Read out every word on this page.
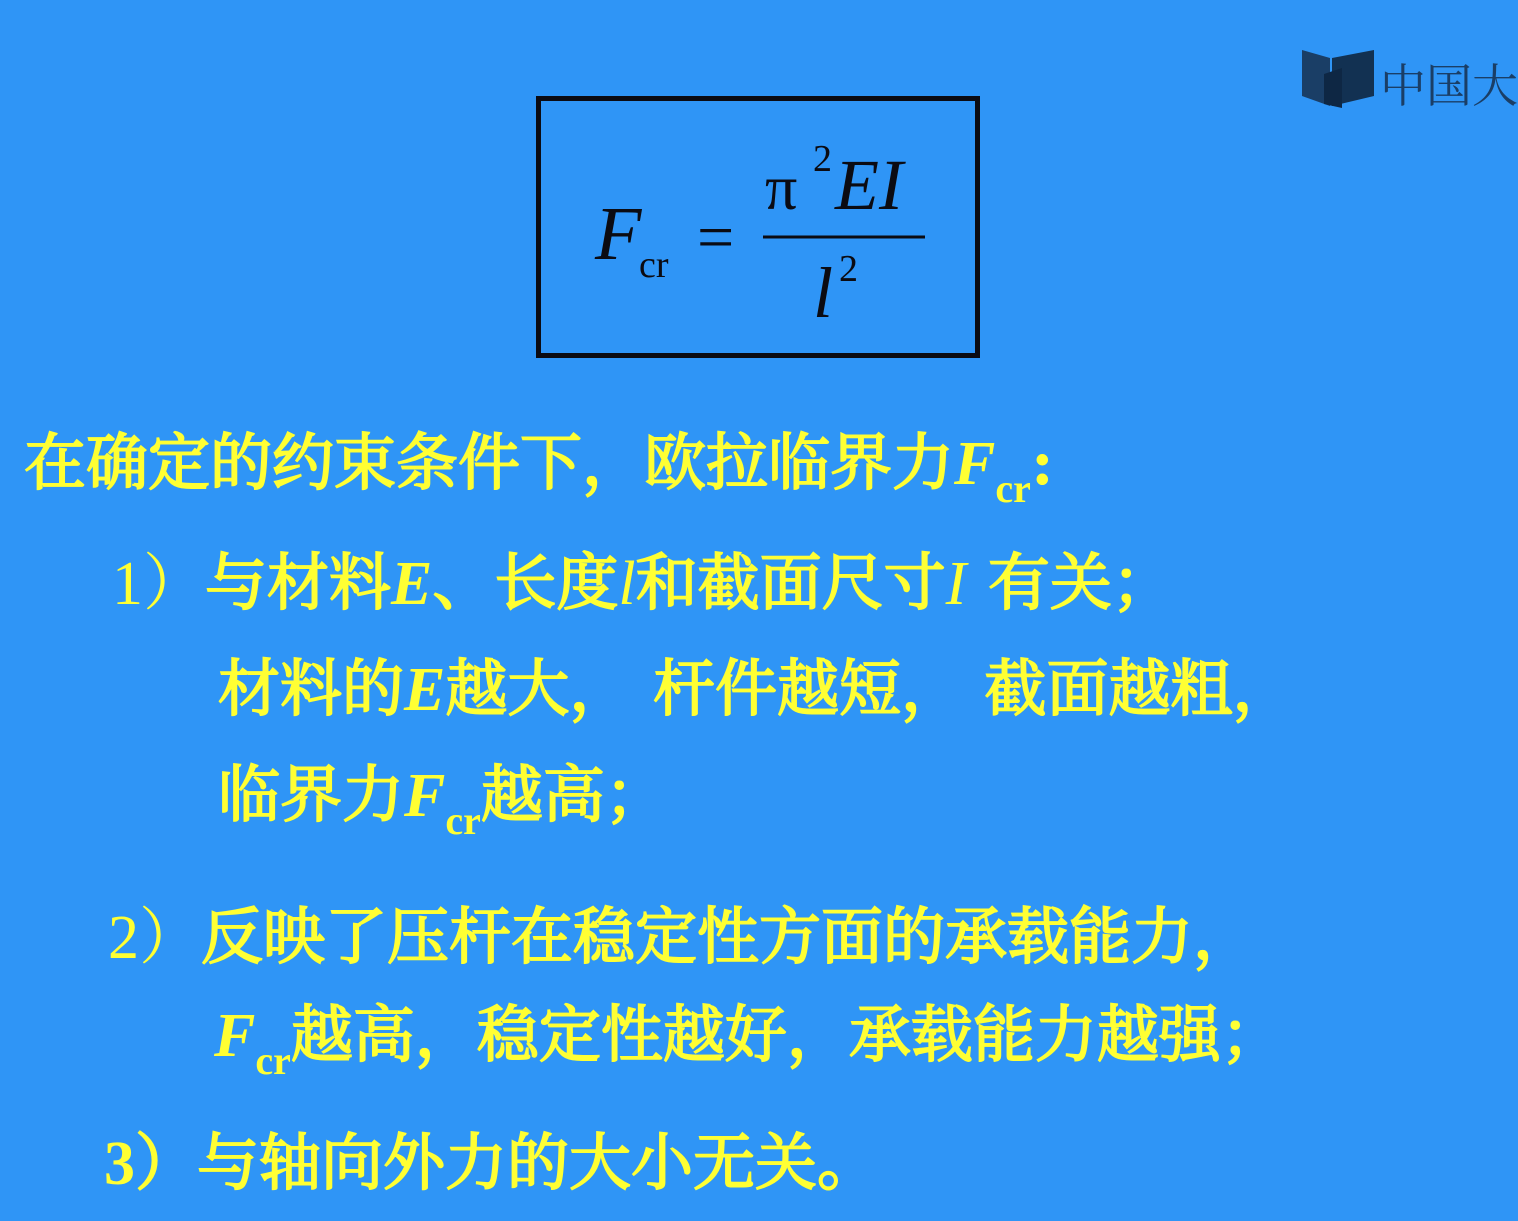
中国大
F
cr =
π 2 EI
l 2
在确定的约束条件下，欧拉临界力$F_{cr}$:
1）与材料E、长度l和截面尺寸I 有关；
材料的E越大， 杆件越短， 截面越粗，
临界力$F_{cr}$越高；
2）反映了压杆在稳定性方面的承载能力，
$F_{cr}$越高，稳定性越好，承载能力越强；
3）与轴向外力的大小无关。
